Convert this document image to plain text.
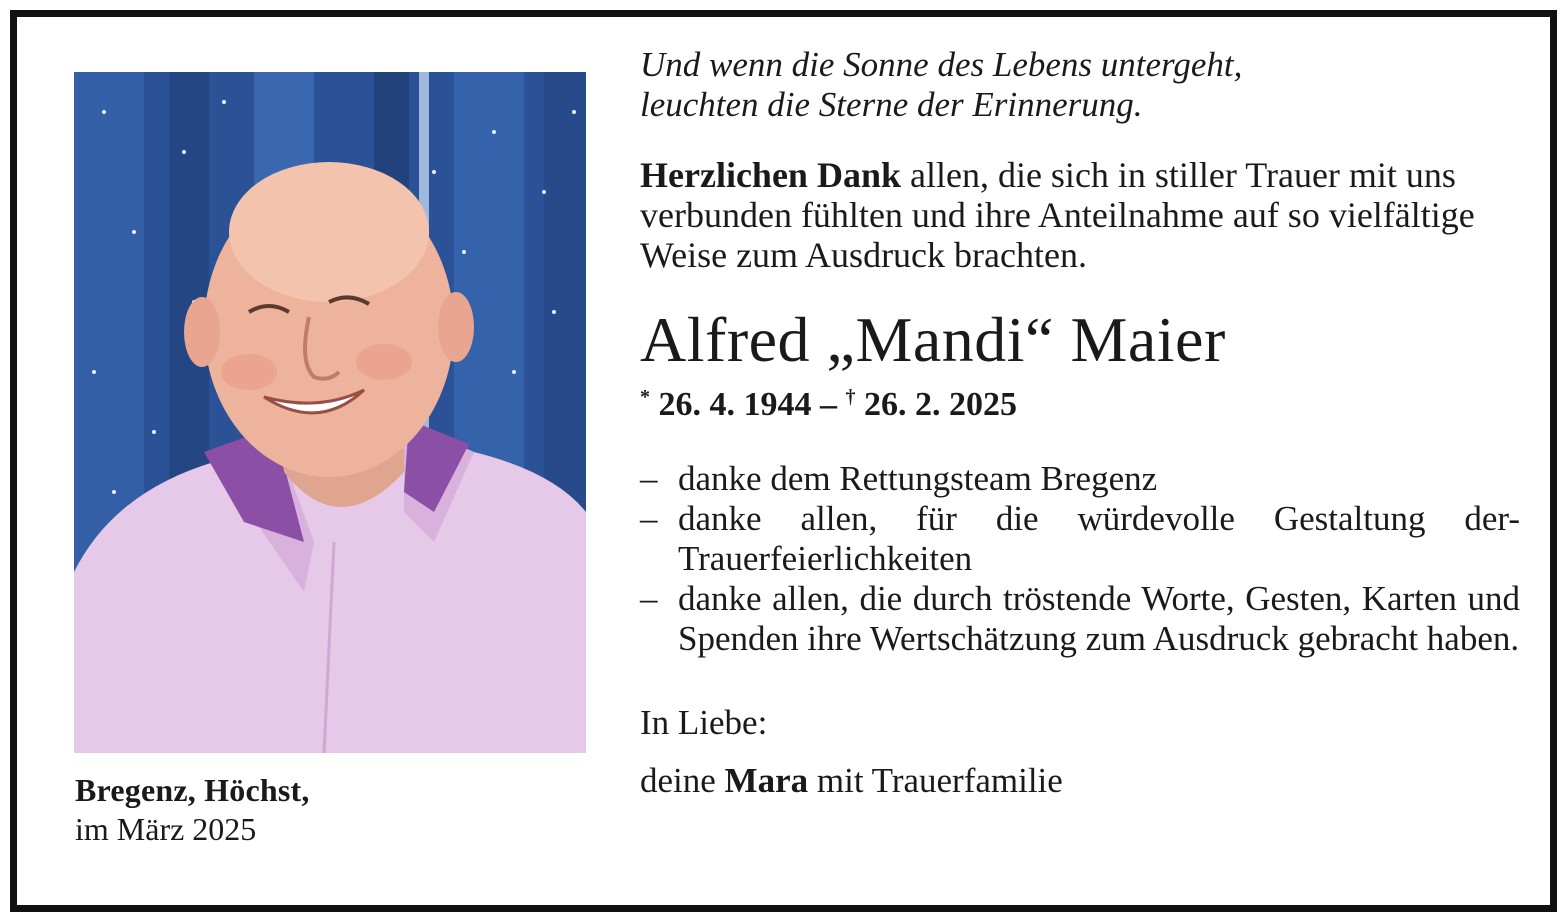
Bregenz, Höchst,
im März 2025

Und wenn die Sonne des Lebens untergeht,
leuchten die Sterne der Erinnerung.

Herzlichen Dank allen, die sich in stiller Trauer mit uns verbunden fühlten und ihre Anteilnahme auf so vielfältige Weise zum Ausdruck brachten.

Alfred „Mandi“ Maier
* 26. 4. 1944 – † 26. 2. 2025
– danke dem Rettungsteam Bregenz
– danke allen, für die würdevolle Gestaltung der-Trauerfeierlichkeiten
– danke allen, die durch tröstende Worte, Gesten, Karten und Spenden ihre Wertschätzung zum Ausdruck gebracht haben.

In Liebe:

deine Mara mit Trauerfamilie
